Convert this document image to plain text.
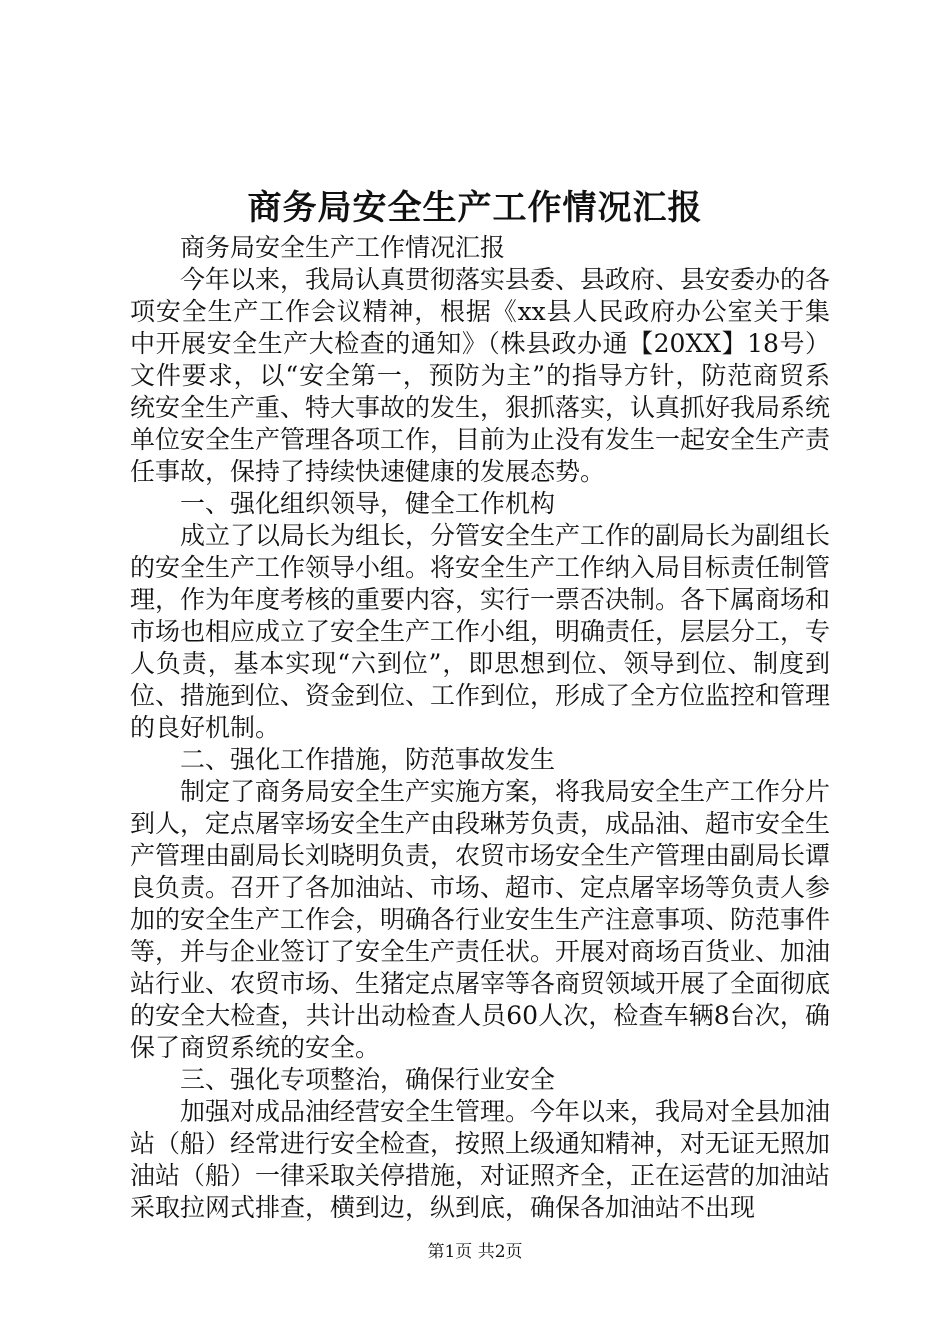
商务局安全生产工作情况汇报

商务局安全生产工作情况汇报

今年以来，我局认真贯彻落实县委、县政府、县安委办的各项安全生产工作会议精神，根据《xx县人民政府办公室关于集中开展安全生产大检查的通知》（株县政办通【20XX】18号）文件要求，以“安全第一，预防为主”的指导方针，防范商贸系统安全生产重、特大事故的发生，狠抓落实，认真抓好我局系统单位安全生产管理各项工作，目前为止没有发生一起安全生产责任事故，保持了持续快速健康的发展态势。

一、强化组织领导，健全工作机构

成立了以局长为组长，分管安全生产工作的副局长为副组长的安全生产工作领导小组。将安全生产工作纳入局目标责任制管理，作为年度考核的重要内容，实行一票否决制。各下属商场和市场也相应成立了安全生产工作小组，明确责任，层层分工，专人负责，基本实现“六到位”，即思想到位、领导到位、制度到位、措施到位、资金到位、工作到位，形成了全方位监控和管理的良好机制。

二、强化工作措施，防范事故发生

制定了商务局安全生产实施方案，将我局安全生产工作分片到人，定点屠宰场安全生产由段琳芳负责，成品油、超市安全生产管理由副局长刘晓明负责，农贸市场安全生产管理由副局长谭良负责。召开了各加油站、市场、超市、定点屠宰场等负责人参加的安全生产工作会，明确各行业安生生产注意事项、防范事件等，并与企业签订了安全生产责任状。开展对商场百货业、加油站行业、农贸市场、生猪定点屠宰等各商贸领域开展了全面彻底的安全大检查，共计出动检查人员60人次，检查车辆8台次，确保了商贸系统的安全。

三、强化专项整治，确保行业安全

加强对成品油经营安全生管理。今年以来，我局对全县加油站（船）经常进行安全检查，按照上级通知精神，对无证无照加油站（船）一律采取关停措施，对证照齐全，正在运营的加油站采取拉网式排查，横到边，纵到底，确保各加油站不出现

第1页 共2页
